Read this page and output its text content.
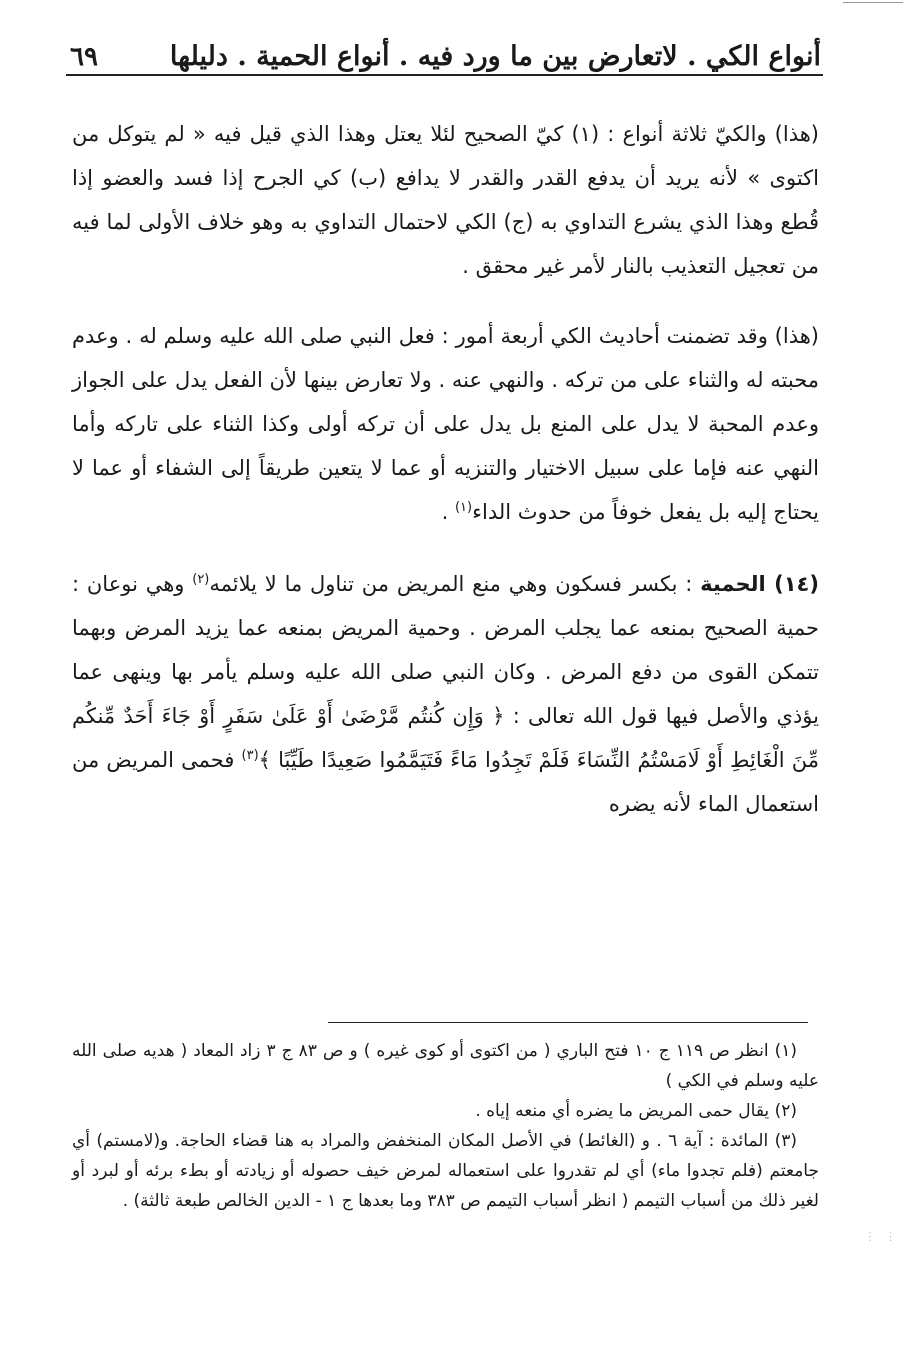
أنواع الكي . لاتعارض بين ما ورد فيه . أنواع الحمية . دليلها
٦٩

(هذا) والكيّ ثلاثة أنواع : (١) كيّ الصحيح لئلا يعتل وهذا الذي قيل فيه « لم يتوكل من اكتوى » لأنه يريد أن يدفع القدر والقدر لا يدافع (ب) كي الجرح إذا فسد والعضو إذا قُطع وهذا الذي يشرع التداوي به (ج) الكي لاحتمال التداوي به وهو خلاف الأولى لما فيه من تعجيل التعذيب بالنار لأمر غير محقق .

(هذا) وقد تضمنت أحاديث الكي أربعة أمور : فعل النبي صلى الله عليه وسلم له . وعدم محبته له والثناء على من تركه . والنهي عنه . ولا تعارض بينها لأن الفعل يدل على الجواز وعدم المحبة لا يدل على المنع بل يدل على أن تركه أولى وكذا الثناء على تاركه وأما النهي عنه فإما على سبيل الاختيار والتنزيه أو عما لا يتعين طريقاً إلى الشفاء أو عما لا يحتاج إليه بل يفعل خوفاً من حدوث الداء$^{(١)}$ .

(١٤) الحمية : بكسر فسكون وهي منع المريض من تناول ما لا يلائمه$^{(٢)}$ وهي نوعان : حمية الصحيح بمنعه عما يجلب المرض . وحمية المريض بمنعه عما يزيد المرض وبهما تتمكن القوى من دفع المرض . وكان النبي صلى الله عليه وسلم يأمر بها وينهى عما يؤذي والأصل فيها قول الله تعالى : ﴿ وَإِن كُنتُم مَّرْضَىٰ أَوْ عَلَىٰ سَفَرٍ أَوْ جَاءَ أَحَدٌ مِّنكُم مِّنَ الْغَائِطِ أَوْ لَامَسْتُمُ النِّسَاءَ فَلَمْ تَجِدُوا مَاءً فَتَيَمَّمُوا صَعِيدًا طَيِّبًا ﴾$^{(٣)}$ فحمى المريض من استعمال الماء لأنه يضره

(١) انظر ص ١١٩ ج ١٠ فتح الباري ( من اكتوى أو كوى غيره ) و ص ٨٣ ج ٣ زاد المعاد ( هديه صلى الله عليه وسلم في الكي )

(٢) يقال حمى المريض ما يضره أي منعه إياه .

(٣) المائدة : آية ٦ . و (الغائط) في الأصل المكان المنخفض والمراد به هنا قضاء الحاجة. و(لامستم) أي جامعتم (فلم تجدوا ماء) أي لم تقدروا على استعماله لمرض خيف حصوله أو زيادته أو بطء برئه أو لبرد أو لغير ذلك من أسباب التيمم ( انظر أسباب التيمم ص ٣٨٣ وما بعدها ج ١ - الدين الخالص طبعة ثالثة) .

⋮ ⋮
